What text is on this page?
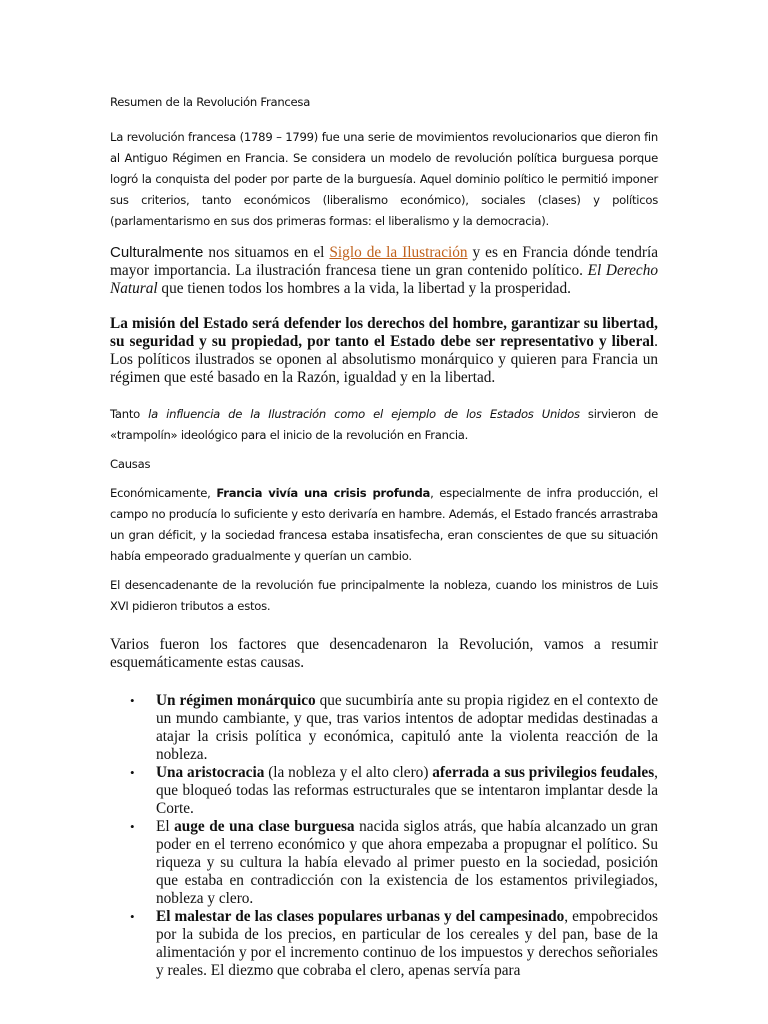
Resumen de la Revolución Francesa

La revolución francesa (1789 – 1799) fue una serie de movimientos revolucionarios que dieron fin al Antiguo Régimen en Francia. Se considera un modelo de revolución política burguesa porque logró la conquista del poder por parte de la burguesía. Aquel dominio político le permitió imponer sus criterios, tanto económicos (liberalismo económico), sociales (clases) y políticos (parlamentarismo en sus dos primeras formas: el liberalismo y la democracia).

Culturalmente nos situamos en el Siglo de la Ilustración y es en Francia dónde tendría mayor importancia. La ilustración francesa tiene un gran contenido político. El Derecho Natural que tienen todos los hombres a la vida, la libertad y la prosperidad.

La misión del Estado será defender los derechos del hombre, garantizar su libertad, su seguridad y su propiedad, por tanto el Estado debe ser representativo y liberal. Los políticos ilustrados se oponen al absolutismo monárquico y quieren para Francia un régimen que esté basado en la Razón, igualdad y en la libertad.

Tanto la influencia de la Ilustración como el ejemplo de los Estados Unidos sirvieron de «trampolín» ideológico para el inicio de la revolución en Francia.

Causas

Económicamente, Francia vivía una crisis profunda, especialmente de infra producción, el campo no producía lo suficiente y esto derivaría en hambre. Además, el Estado francés arrastraba un gran déficit, y la sociedad francesa estaba insatisfecha, eran conscientes de que su situación había empeorado gradualmente y querían un cambio.

El desencadenante de la revolución fue principalmente la nobleza, cuando los ministros de Luis XVI pidieron tributos a estos.

Varios fueron los factores que desencadenaron la Revolución, vamos a resumir esquemáticamente estas causas.

• Un régimen monárquico que sucumbiría ante su propia rigidez en el contexto de un mundo cambiante, y que, tras varios intentos de adoptar medidas destinadas a atajar la crisis política y económica, capituló ante la violenta reacción de la nobleza.

• Una aristocracia (la nobleza y el alto clero) aferrada a sus privilegios feudales, que bloqueó todas las reformas estructurales que se intentaron implantar desde la Corte.

• El auge de una clase burguesa nacida siglos atrás, que había alcanzado un gran poder en el terreno económico y que ahora empezaba a propugnar el político. Su riqueza y su cultura la había elevado al primer puesto en la sociedad, posición que estaba en contradicción con la existencia de los estamentos privilegiados, nobleza y clero.

• El malestar de las clases populares urbanas y del campesinado, empobrecidos por la subida de los precios, en particular de los cereales y del pan, base de la alimentación y por el incremento continuo de los impuestos y derechos señoriales y reales. El diezmo que cobraba el clero, apenas servía para
